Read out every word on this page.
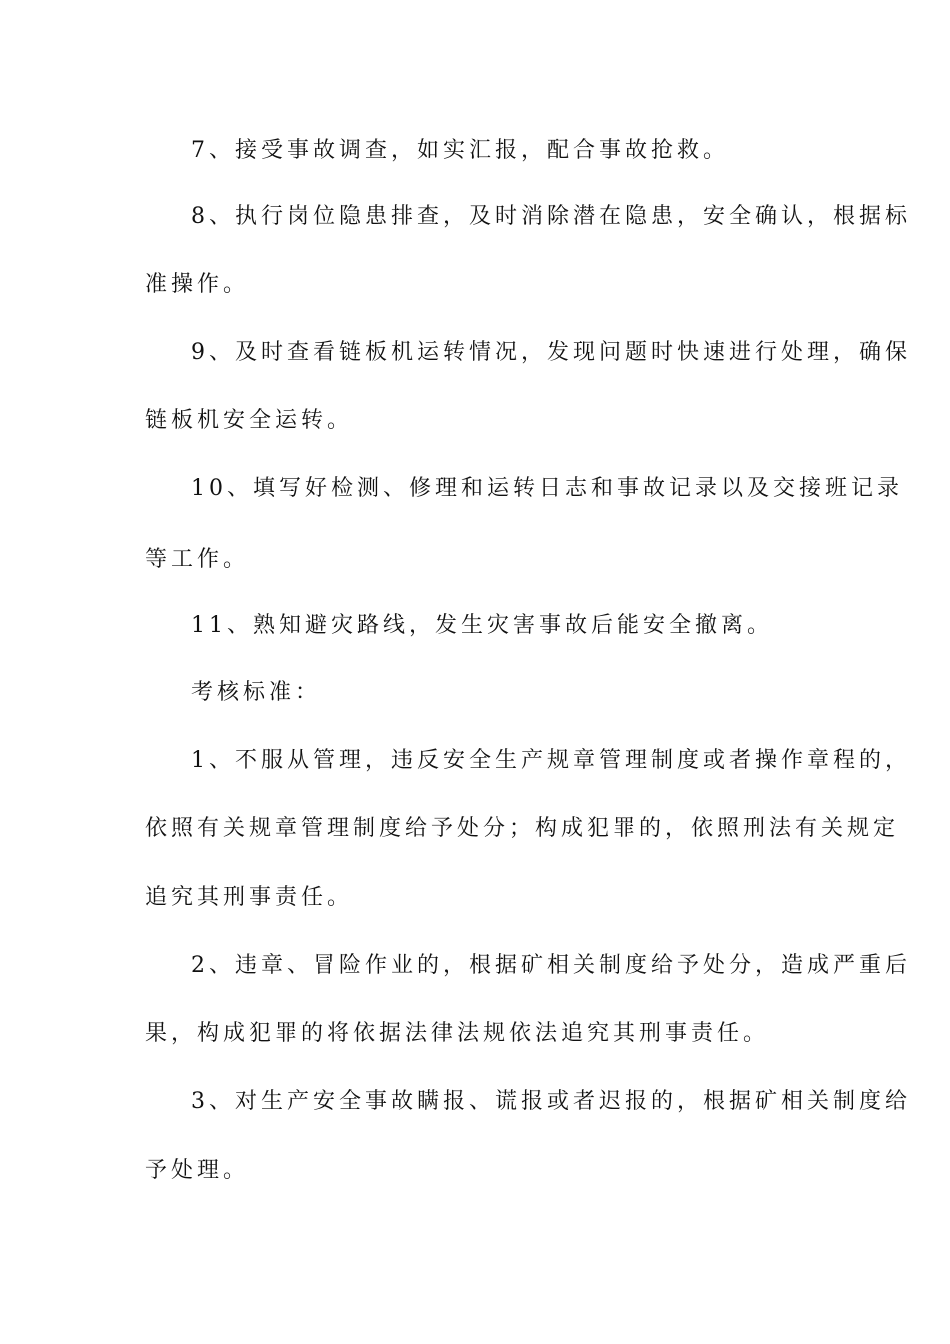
7、接受事故调查，如实汇报，配合事故抢救。
8、执行岗位隐患排查，及时消除潜在隐患，安全确认，根据标
准操作。
9、及时查看链板机运转情况，发现问题时快速进行处理，确保
链板机安全运转。
10、填写好检测、修理和运转日志和事故记录以及交接班记录
等工作。
11、熟知避灾路线，发生灾害事故后能安全撤离。
考核标准：
1、不服从管理，违反安全生产规章管理制度或者操作章程的，
依照有关规章管理制度给予处分；构成犯罪的，依照刑法有关规定
追究其刑事责任。
2、违章、冒险作业的，根据矿相关制度给予处分，造成严重后
果，构成犯罪的将依据法律法规依法追究其刑事责任。
3、对生产安全事故瞒报、谎报或者迟报的，根据矿相关制度给
予处理。
